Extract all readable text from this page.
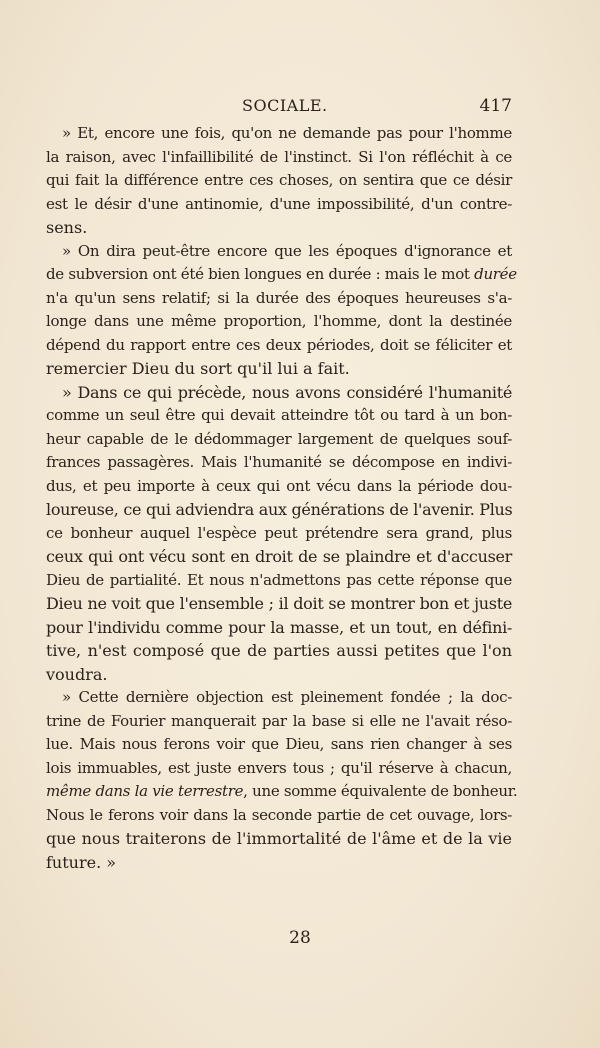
SOCIALE.	417
» Et, encore une fois, qu'on ne demande pas pour l'homme
la raison, avec l'infaillibilité de l'instinct. Si l'on réfléchit à ce
qui fait la différence entre ces choses, on sentira que ce désir
est le désir d'une antinomie, d'une impossibilité, d'un contre-
sens.
» On dira peut-être encore que les époques d'ignorance et
de subversion ont été bien longues en durée : mais le mot durée
n'a qu'un sens relatif; si la durée des époques heureuses s'a-
longe dans une même proportion, l'homme, dont la destinée
dépend du rapport entre ces deux périodes, doit se féliciter et
remercier Dieu du sort qu'il lui a fait.
» Dans ce qui précède, nous avons considéré l'humanité
comme un seul être qui devait atteindre tôt ou tard à un bon-
heur capable de le dédommager largement de quelques souf-
frances passagères. Mais l'humanité se décompose en indivi-
dus, et peu importe à ceux qui ont vécu dans la période dou-
loureuse, ce qui adviendra aux générations de l'avenir. Plus
ce bonheur auquel l'espèce peut prétendre sera grand, plus
ceux qui ont vécu sont en droit de se plaindre et d'accuser
Dieu de partialité. Et nous n'admettons pas cette réponse que
Dieu ne voit que l'ensemble ; il doit se montrer bon et juste
pour l'individu comme pour la masse, et un tout, en défini-
tive, n'est composé que de parties aussi petites que l'on
voudra.
» Cette dernière objection est pleinement fondée ; la doc-
trine de Fourier manquerait par la base si elle ne l'avait réso-
lue. Mais nous ferons voir que Dieu, sans rien changer à ses
lois immuables, est juste envers tous ; qu'il réserve à chacun,
même dans la vie terrestre, une somme équivalente de bonheur.
Nous le ferons voir dans la seconde partie de cet ouvage, lors-
que nous traiterons de l'immortalité de l'âme et de la vie
future. »
28
